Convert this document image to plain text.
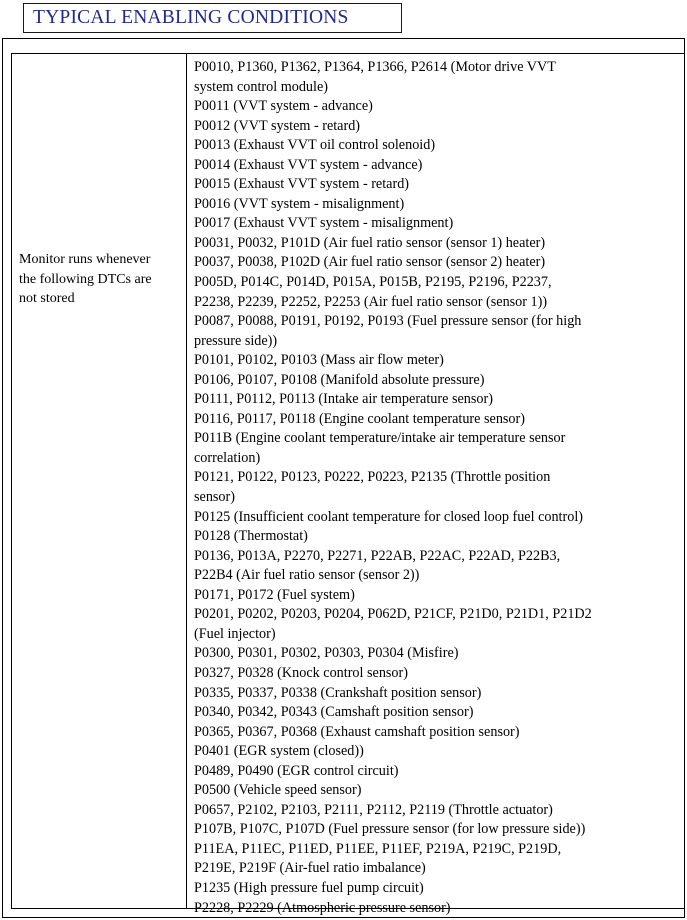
TYPICAL ENABLING CONDITIONS
Monitor runs whenever
the following DTCs are
not stored
P0010, P1360, P1362, P1364, P1366, P2614 (Motor drive VVT
system control module)
P0011 (VVT system - advance)
P0012 (VVT system - retard)
P0013 (Exhaust VVT oil control solenoid)
P0014 (Exhaust VVT system - advance)
P0015 (Exhaust VVT system - retard)
P0016 (VVT system - misalignment)
P0017 (Exhaust VVT system - misalignment)
P0031, P0032, P101D (Air fuel ratio sensor (sensor 1) heater)
P0037, P0038, P102D (Air fuel ratio sensor (sensor 2) heater)
P005D, P014C, P014D, P015A, P015B, P2195, P2196, P2237,
P2238, P2239, P2252, P2253 (Air fuel ratio sensor (sensor 1))
P0087, P0088, P0191, P0192, P0193 (Fuel pressure sensor (for high
pressure side))
P0101, P0102, P0103 (Mass air flow meter)
P0106, P0107, P0108 (Manifold absolute pressure)
P0111, P0112, P0113 (Intake air temperature sensor)
P0116, P0117, P0118 (Engine coolant temperature sensor)
P011B (Engine coolant temperature/intake air temperature sensor
correlation)
P0121, P0122, P0123, P0222, P0223, P2135 (Throttle position
sensor)
P0125 (Insufficient coolant temperature for closed loop fuel control)
P0128 (Thermostat)
P0136, P013A, P2270, P2271, P22AB, P22AC, P22AD, P22B3,
P22B4 (Air fuel ratio sensor (sensor 2))
P0171, P0172 (Fuel system)
P0201, P0202, P0203, P0204, P062D, P21CF, P21D0, P21D1, P21D2
(Fuel injector)
P0300, P0301, P0302, P0303, P0304 (Misfire)
P0327, P0328 (Knock control sensor)
P0335, P0337, P0338 (Crankshaft position sensor)
P0340, P0342, P0343 (Camshaft position sensor)
P0365, P0367, P0368 (Exhaust camshaft position sensor)
P0401 (EGR system (closed))
P0489, P0490 (EGR control circuit)
P0500 (Vehicle speed sensor)
P0657, P2102, P2103, P2111, P2112, P2119 (Throttle actuator)
P107B, P107C, P107D (Fuel pressure sensor (for low pressure side))
P11EA, P11EC, P11ED, P11EE, P11EF, P219A, P219C, P219D,
P219E, P219F (Air-fuel ratio imbalance)
P1235 (High pressure fuel pump circuit)
P2228, P2229 (Atmospheric pressure sensor)
